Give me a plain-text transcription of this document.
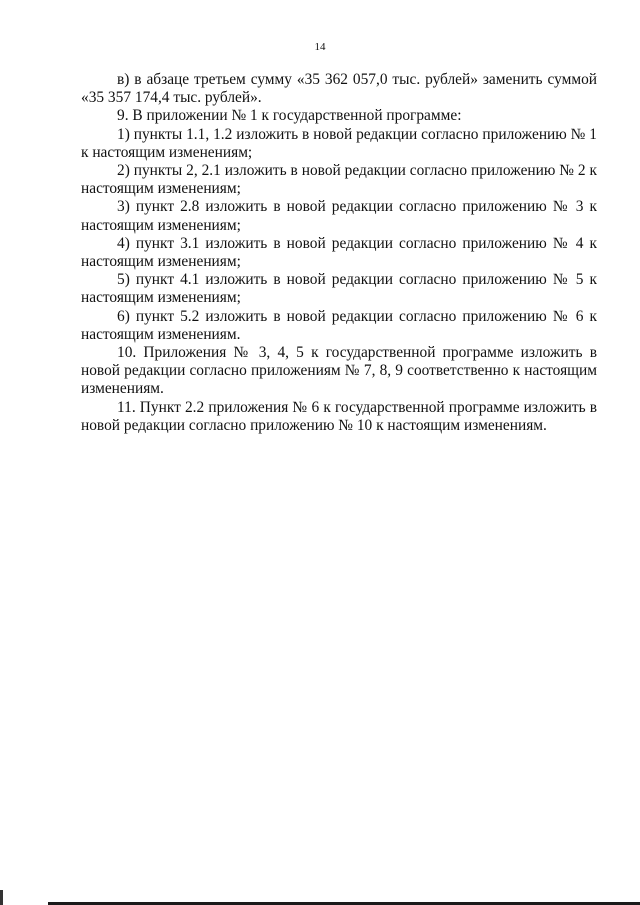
14

в) в абзаце третьем сумму «35 362 057,0 тыс. рублей» заменить суммой «35 357 174,4 тыс. рублей».

9. В приложении № 1 к государственной программе:

1) пункты 1.1, 1.2 изложить в новой редакции согласно приложению № 1 к настоящим изменениям;

2) пункты 2, 2.1 изложить в новой редакции согласно приложению № 2 к настоящим изменениям;

3) пункт 2.8 изложить в новой редакции согласно приложению № 3 к настоящим изменениям;

4) пункт 3.1 изложить в новой редакции согласно приложению № 4 к настоящим изменениям;

5) пункт 4.1 изложить в новой редакции согласно приложению № 5 к настоящим изменениям;

6) пункт 5.2 изложить в новой редакции согласно приложению № 6 к настоящим изменениям.

10. Приложения № 3, 4, 5 к государственной программе изложить в новой редакции согласно приложениям № 7, 8, 9 соответственно к настоящим изменениям.

11. Пункт 2.2 приложения № 6 к государственной программе изложить в новой редакции согласно приложению № 10 к настоящим изменениям.
